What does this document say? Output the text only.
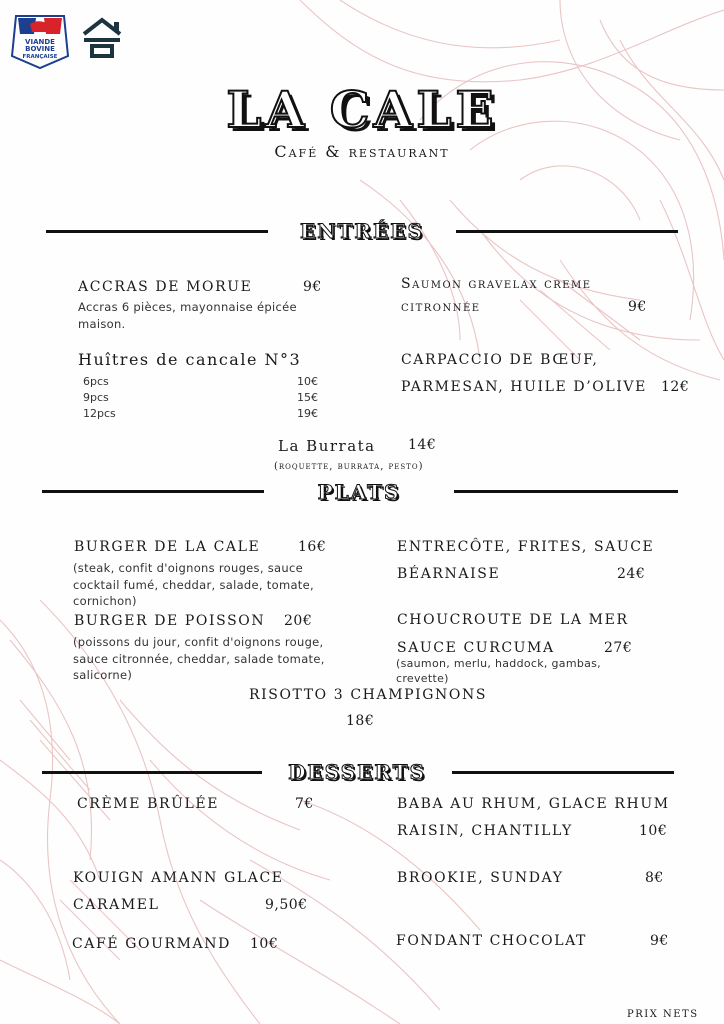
VIANDE
BOVINE
FRANÇAISE
LA CALE
Café & restaurant
ENTRÉES
ACCRAS DE MORUE	9€
Accras 6 pièces, mayonnaise épicée maison.
Huîtres de cancale N°3
6pcs	10€
9pcs	15€
12pcs	19€
Saumon gravelax creme
citronnée	9€
CARPACCIO DE BŒUF,
PARMESAN, HUILE D’OLIVE 12€
La Burrata 14€
(roquette, burrata, pesto)
PLATS
BURGER DE LA CALE	16€
(steak, confit d'oignons rouges, sauce cocktail fumé, cheddar, salade, tomate, cornichon)
BURGER DE POISSON 20€
(poissons du jour, confit d'oignons rouge, sauce citronnée, cheddar, salade tomate, salicorne)
ENTRECÔTE, FRITES, SAUCE
BÉARNAISE	24€
CHOUCROUTE DE LA MER
SAUCE CURCUMA	27€
(saumon, merlu, haddock, gambas, crevette)
RISOTTO 3 CHAMPIGNONS
18€
DESSERTS
CRÈME BRÛLÉE	7€
KOUIGN AMANN GLACE
CARAMEL	9,50€
CAFÉ GOURMAND 10€
BABA AU RHUM, GLACE RHUM
RAISIN, CHANTILLY	10€
BROOKIE, SUNDAY	8€
FONDANT CHOCOLAT	9€
PRIX NETS
